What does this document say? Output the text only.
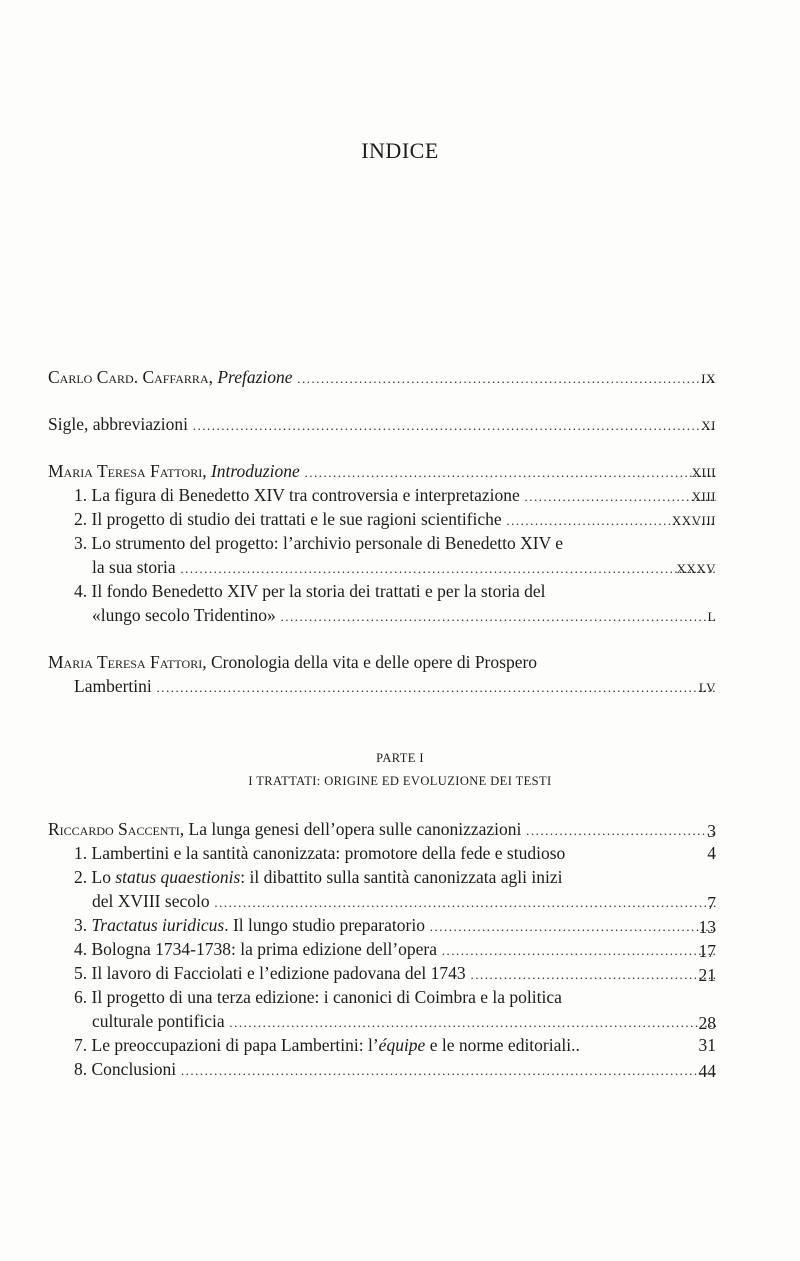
INDICE
Carlo Card. Caffarra, Prefazione .....	IX
Sigle, abbreviazioni .....	XI
Maria Teresa Fattori, Introduzione .....	XIII
1. La figura di Benedetto XIV tra controversia e interpretazione .....	XIII
2. Il progetto di studio dei trattati e le sue ragioni scientifiche .....	XXVIII
3. Lo strumento del progetto: l’archivio personale di Benedetto XIV e
la sua storia .....	XXXV
4. Il fondo Benedetto XIV per la storia dei trattati e per la storia del
«lungo secolo Tridentino» .....	L
Maria Teresa Fattori, Cronologia della vita e delle opere di Prospero
Lambertini .....	LV
PARTE I
I TRATTATI: ORIGINE ED EVOLUZIONE DEI TESTI
Riccardo Saccenti, La lunga genesi dell’opera sulle canonizzazioni .....	3
1. Lambertini e la santità canonizzata: promotore della fede e studioso	4
2. Lo status quaestionis: il dibattito sulla santità canonizzata agli inizi
del XVIII secolo .....	7
3. Tractatus iuridicus. Il lungo studio preparatorio .....	13
4. Bologna 1734-1738: la prima edizione dell’opera .....	17
5. Il lavoro di Facciolati e l’edizione padovana del 1743 .....	21
6. Il progetto di una terza edizione: i canonici di Coimbra e la politica
culturale pontificia .....	28
7. Le preoccupazioni di papa Lambertini: l’équipe e le norme editoriali..	31
8. Conclusioni .....	44
